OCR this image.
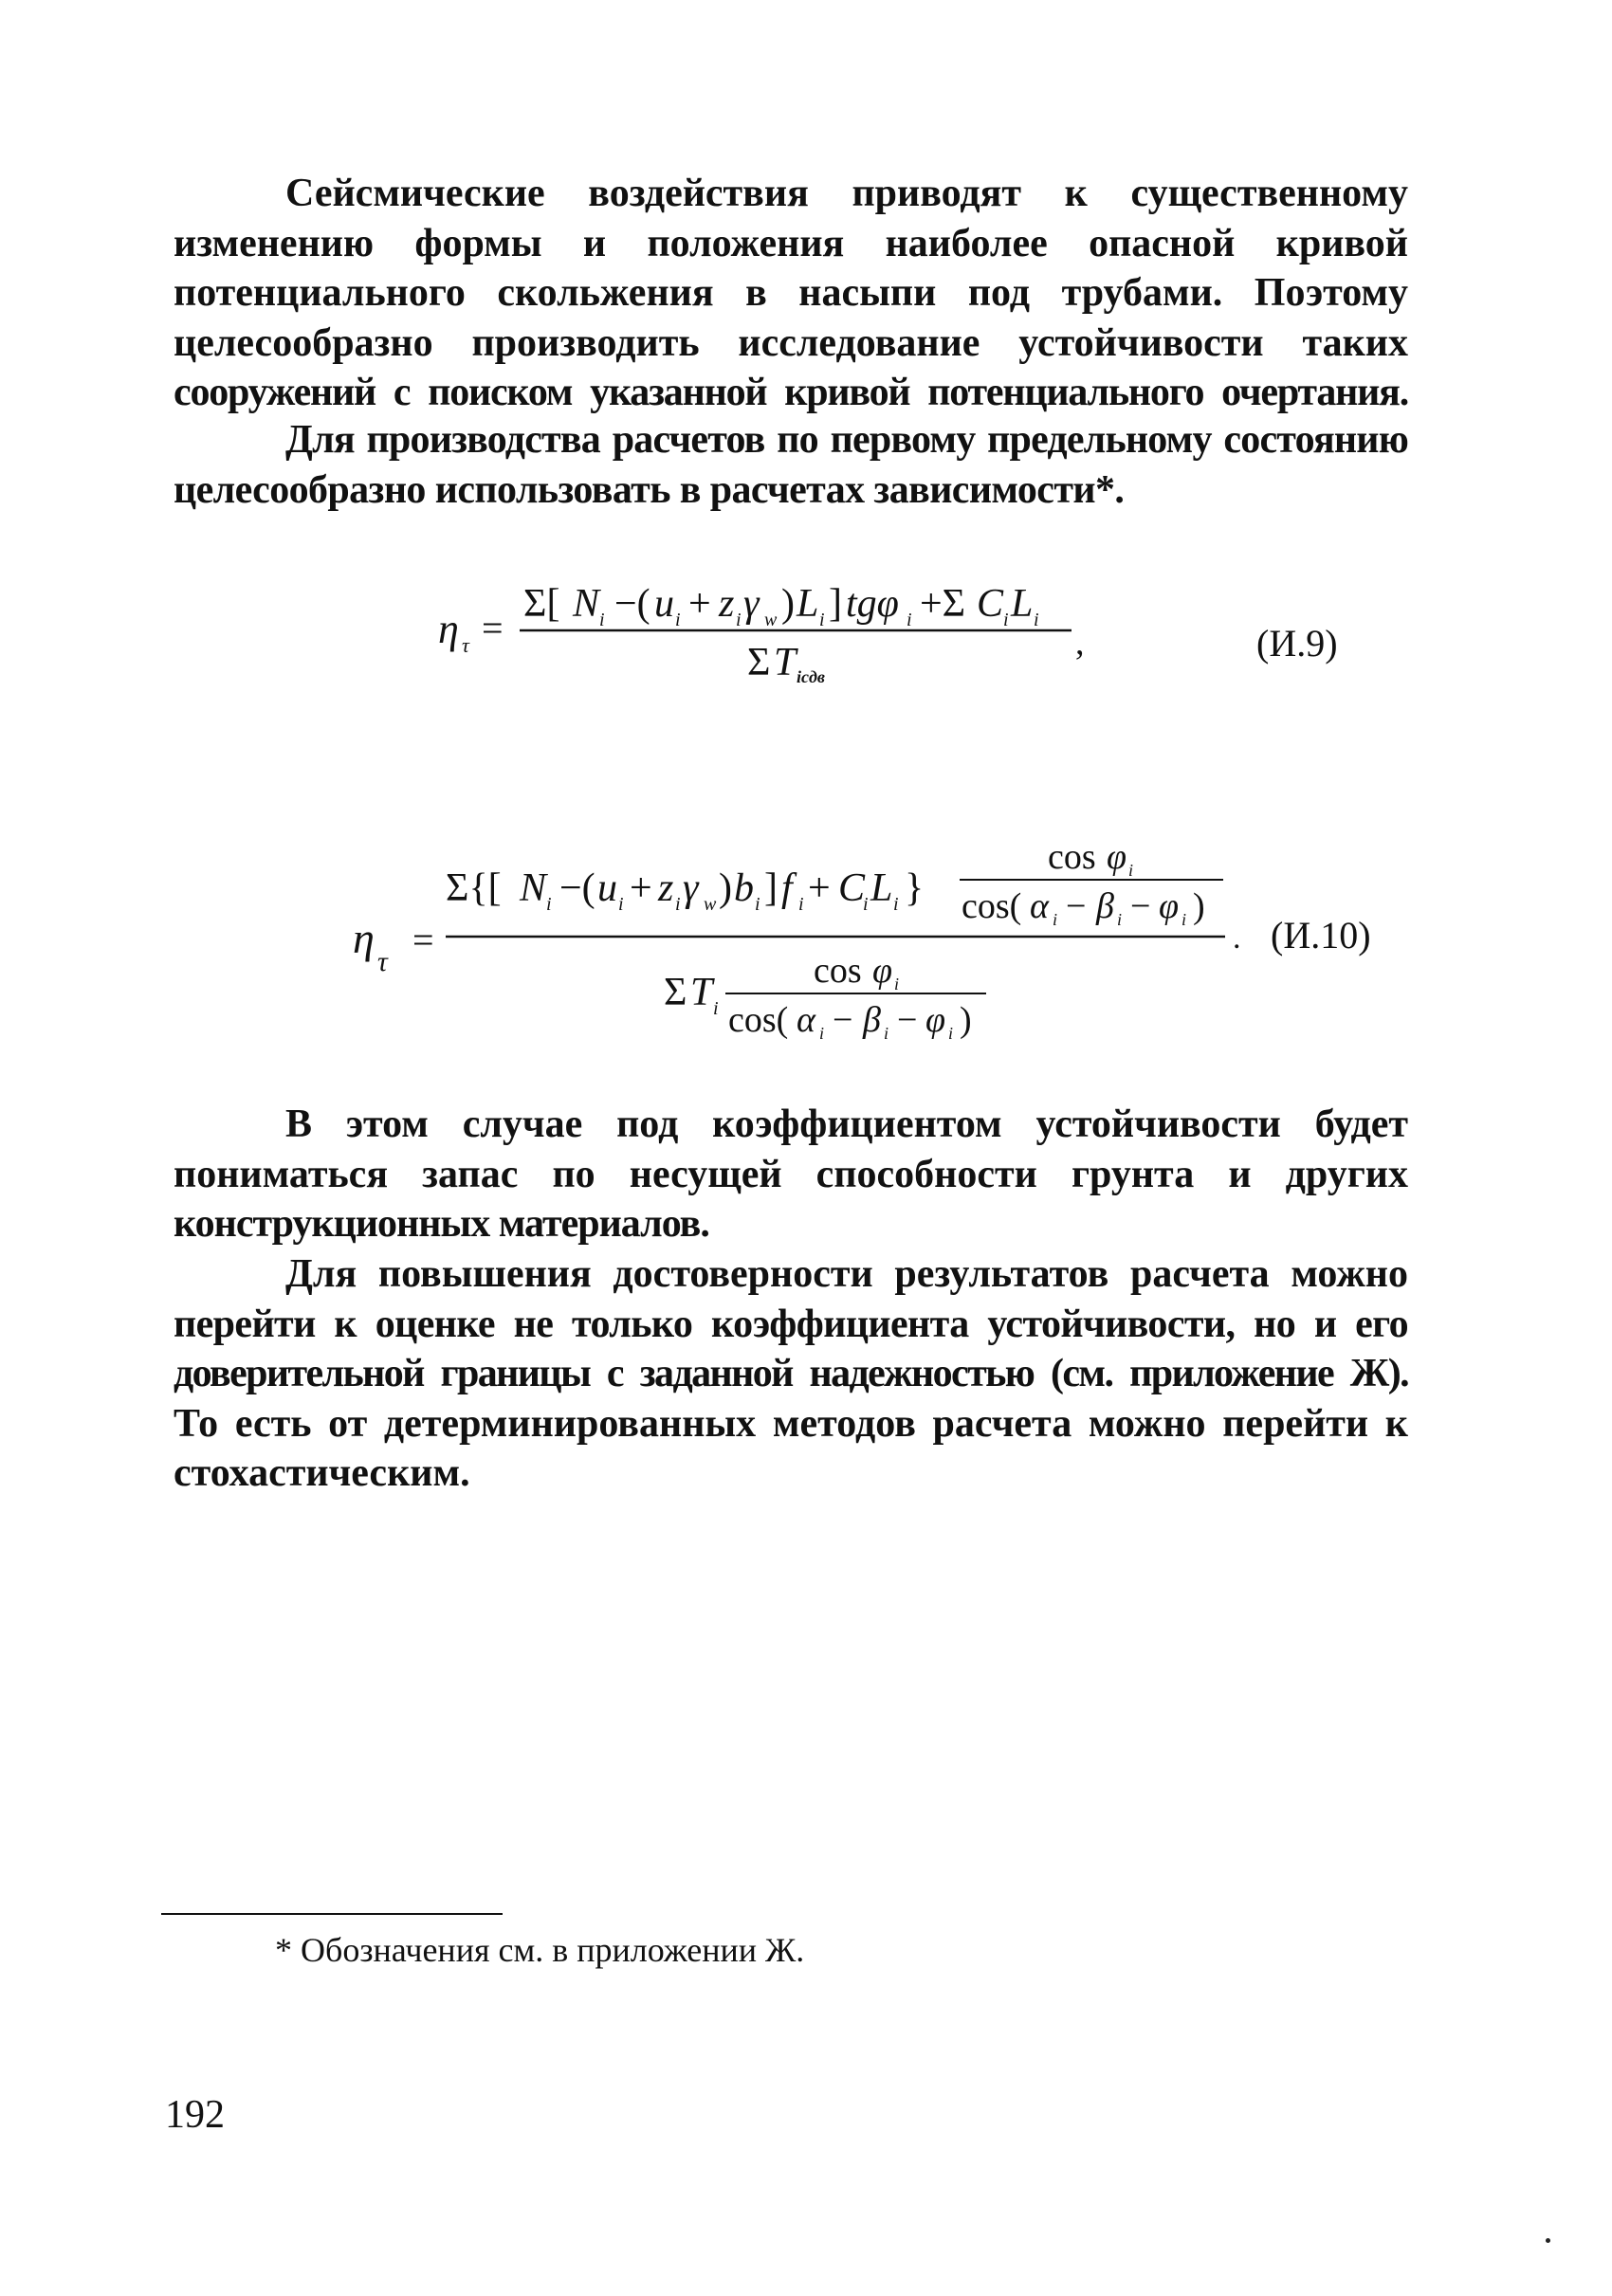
Сейсмические воздействия приводят к существенному
изменению формы и положения наиболее опасной кривой
потенциального скольжения в насыпи под трубами. Поэтому
целесообразно производить исследование устойчивости таких
сооружений с поиском указанной кривой потенциального очертания.
Для производства расчетов по первому предельному состоянию
целесообразно использовать в расчетах зависимости*.
η τ =
Σ[ N i −( u i + z i γ w ) L i ] tgφ i +Σ C i L i
,
Σ T icдв
(И.9)
η τ
=
Σ{[ N i −( u i + z i γ w ) b i ] f i + C
i L i }
cos φ i
cos( α i − β i − φ i )
.
Σ T i
cos φ i
cos( α i − β i − φ i )
(И.10)
В этом случае под коэффициентом устойчивости будет
пониматься запас по несущей способности грунта и других
конструкционных материалов.
Для повышения достоверности результатов расчета можно
перейти к оценке не только коэффициента устойчивости, но и его
доверительной границы с заданной надежностью (см. приложение Ж).
То есть от детерминированных методов расчета можно перейти к
стохастическим.
* Обозначения см. в приложении Ж.
192
